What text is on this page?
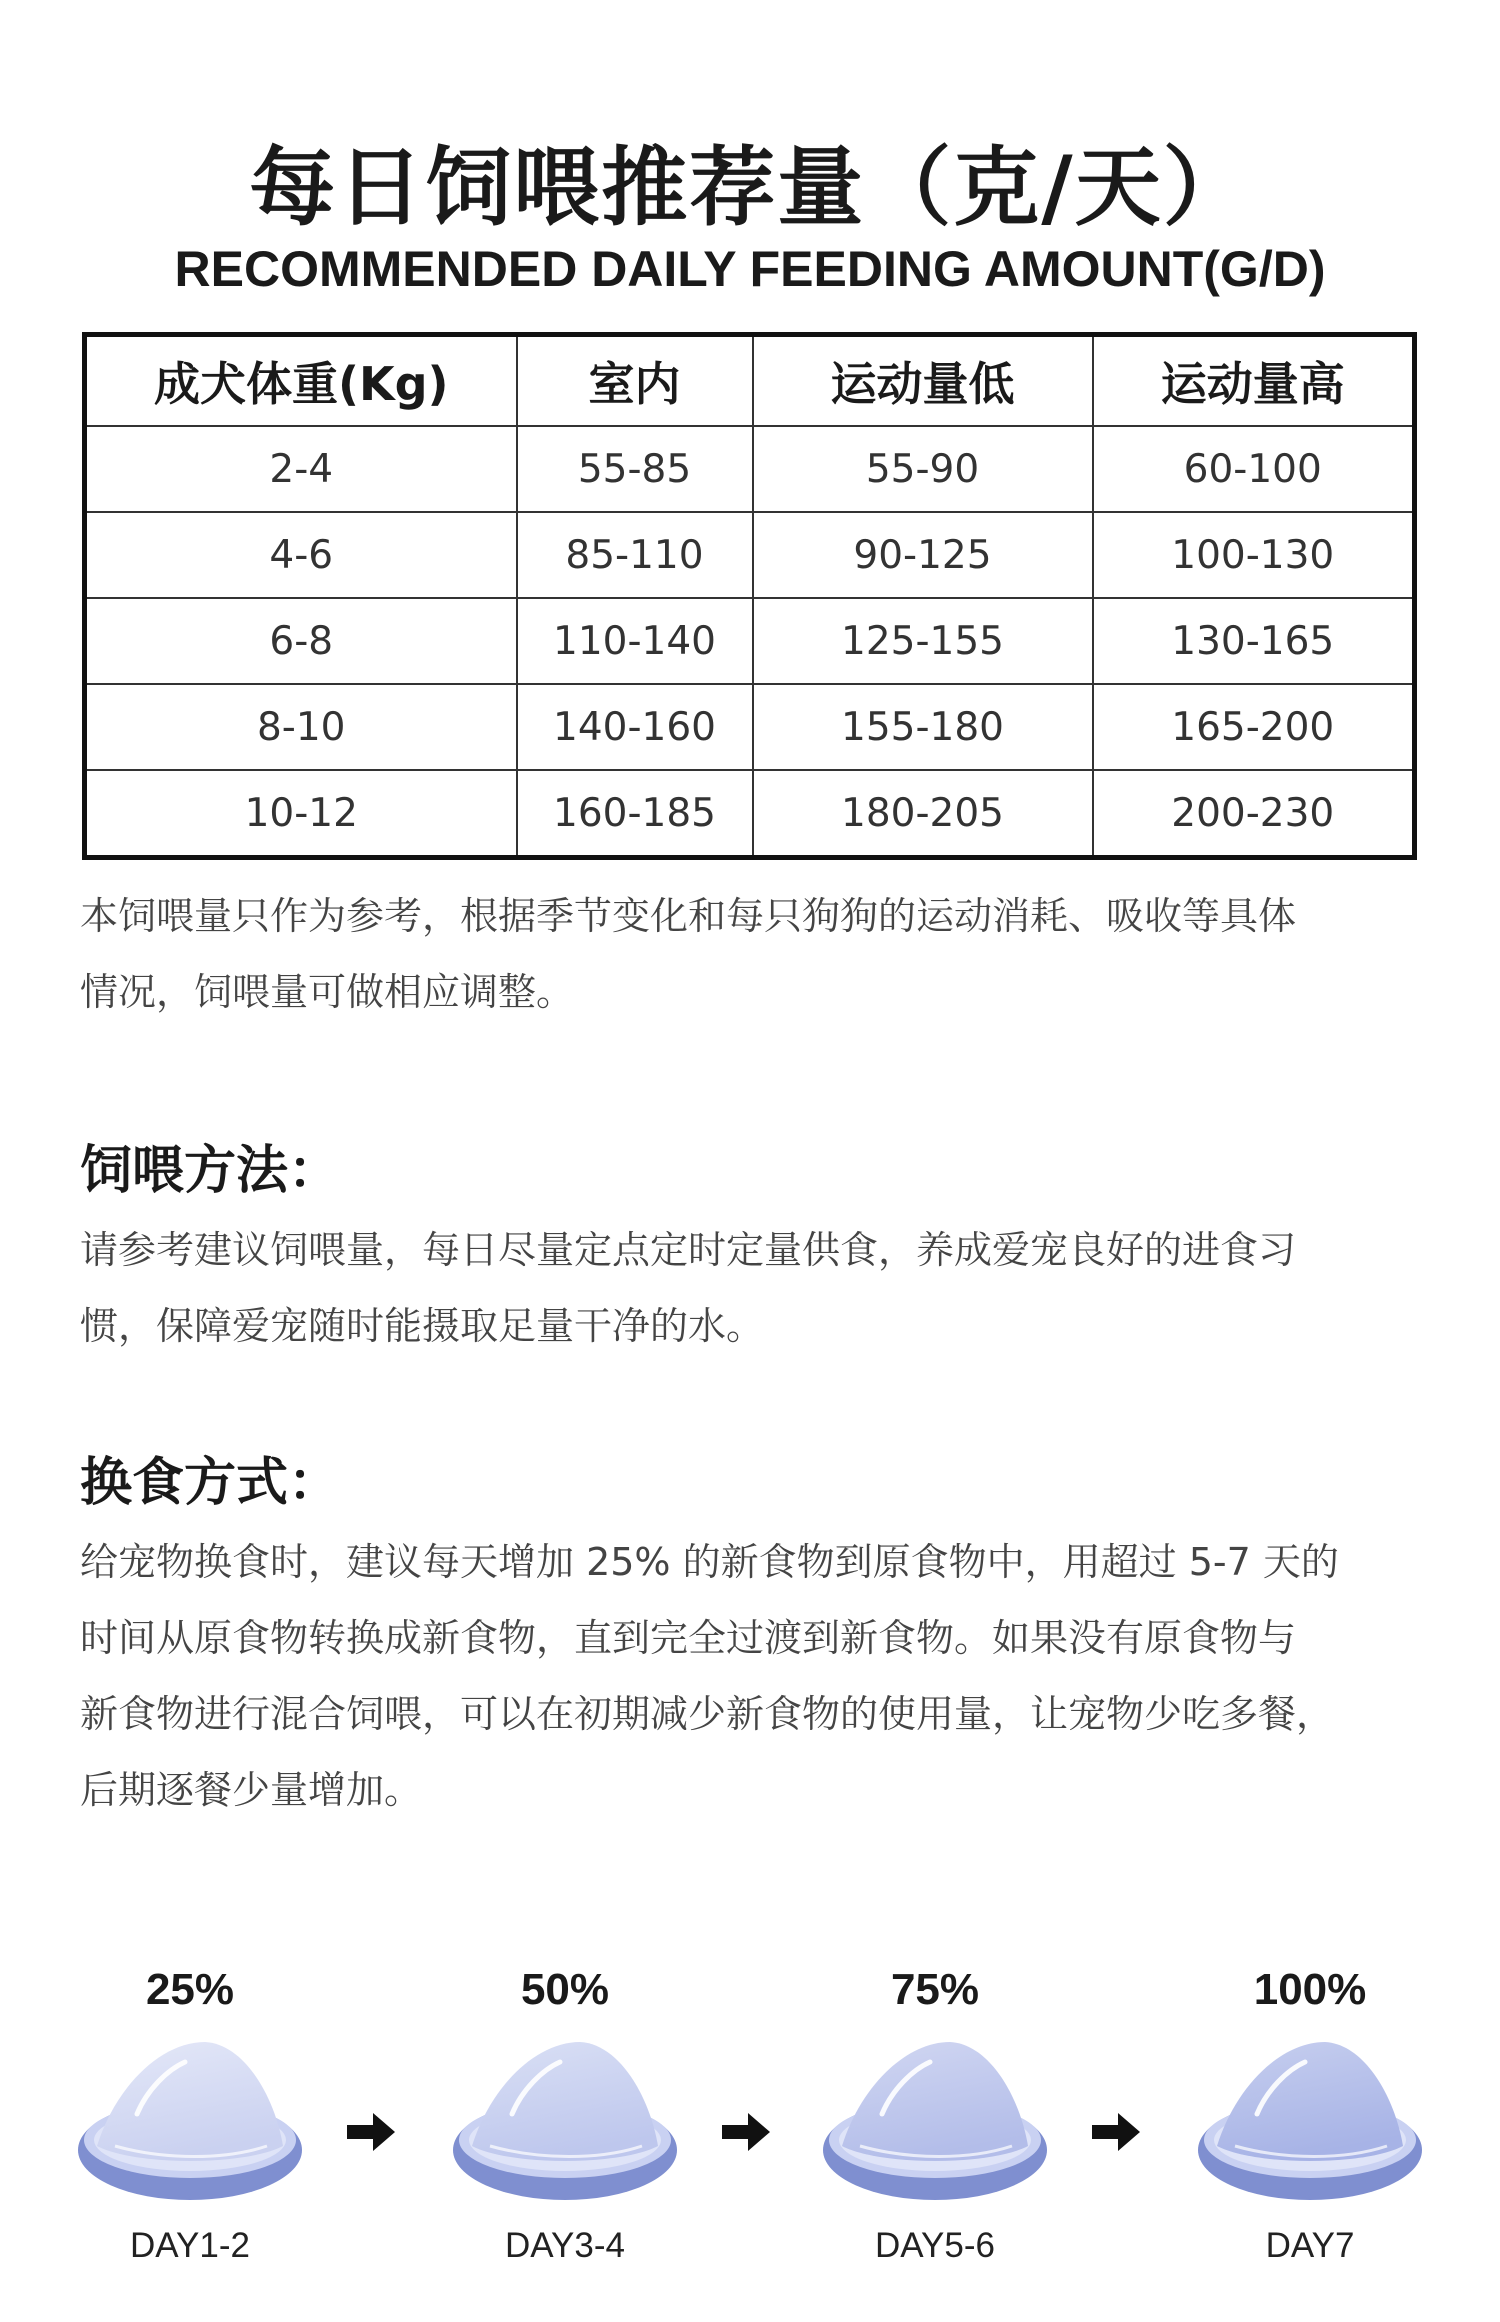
每日饲喂推荐量（克/天）
RECOMMENDED DAILY FEEDING AMOUNT(G/D)
成犬体重(Kg)	室内	运动量低	运动量高
2-4	55-85	55-90	60-100
4-6	85-110	90-125	100-130
6-8	110-140	125-155	130-165
8-10	140-160	155-180	165-200
10-12	160-185	180-205	200-230
本饲喂量只作为参考，根据季节变化和每只狗狗的运动消耗、吸收等具体
情况，饲喂量可做相应调整。
饲喂方法：
请参考建议饲喂量，每日尽量定点定时定量供食，养成爱宠良好的进食习
惯，保障爱宠随时能摄取足量干净的水。
换食方式：
给宠物换食时，建议每天增加 25% 的新食物到原食物中，用超过 5-7 天的
时间从原食物转换成新食物，直到完全过渡到新食物。如果没有原食物与
新食物进行混合饲喂，可以在初期减少新食物的使用量，让宠物少吃多餐，
后期逐餐少量增加。
25%
DAY1-2
50%
DAY3-4
75%
DAY5-6
100%
DAY7
